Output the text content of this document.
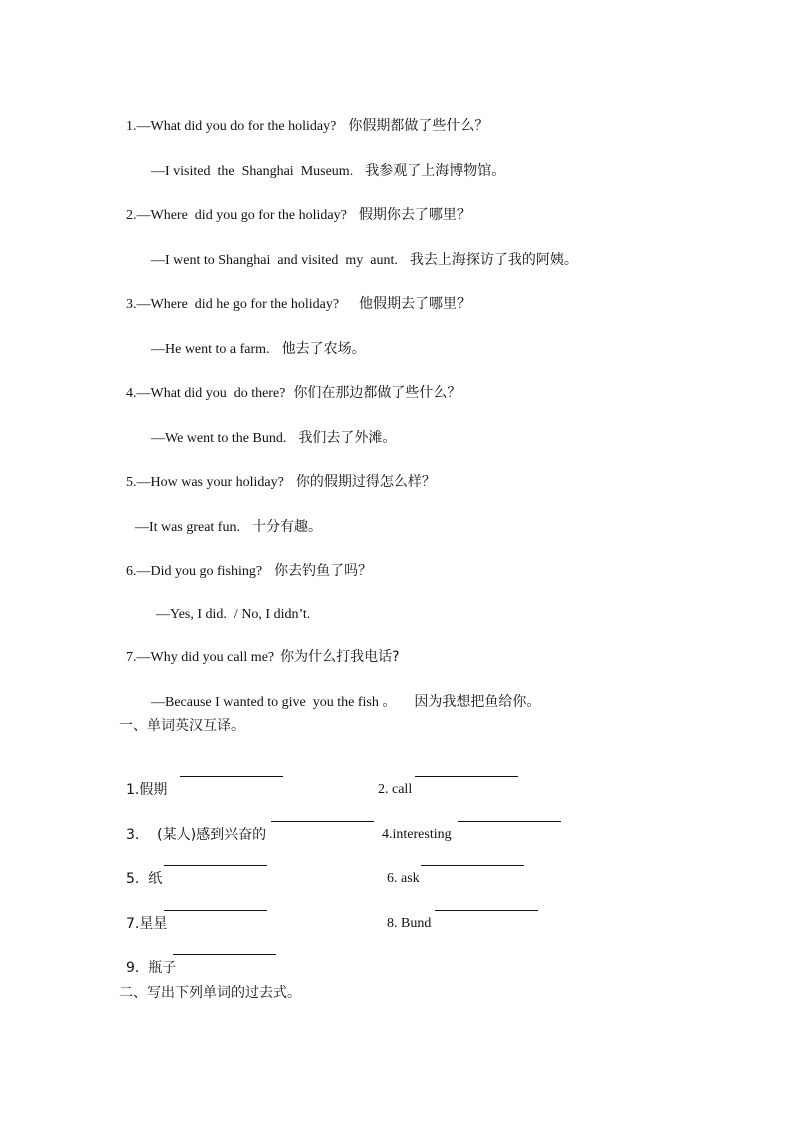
1.—What did you do for the holiday? 你假期都做了些什么？

—I visited  the  Shanghai  Museum. 我参观了上海博物馆。

2.—Where  did you go for the holiday? 假期你去了哪里？

—I went to Shanghai  and visited  my  aunt. 我去上海探访了我的阿姨。

3.—Where  did he go for the holiday? 他假期去了哪里？

—He went to a farm. 他去了农场。

4.—What did you  do there? 你们在那边都做了些什么？

—We went to the Bund. 我们去了外滩。

5.—How was your holiday? 你的假期过得怎么样？

—It was great fun. 十分有趣。

6.—Did you go fishing? 你去钓鱼了吗？

—Yes, I did.  / No, I didn’t.

7.—Why did you call me? 你为什么打我电话?

—Because I wanted to give  you the fish 。 因为我想把鱼给你。

一、单词英汉互译。

1.假期	2. call

3.    (某人)感到兴奋的	4.interesting

5.  纸	6. ask

7.星星	8. Bund

9.  瓶子

二、写出下列单词的过去式。
